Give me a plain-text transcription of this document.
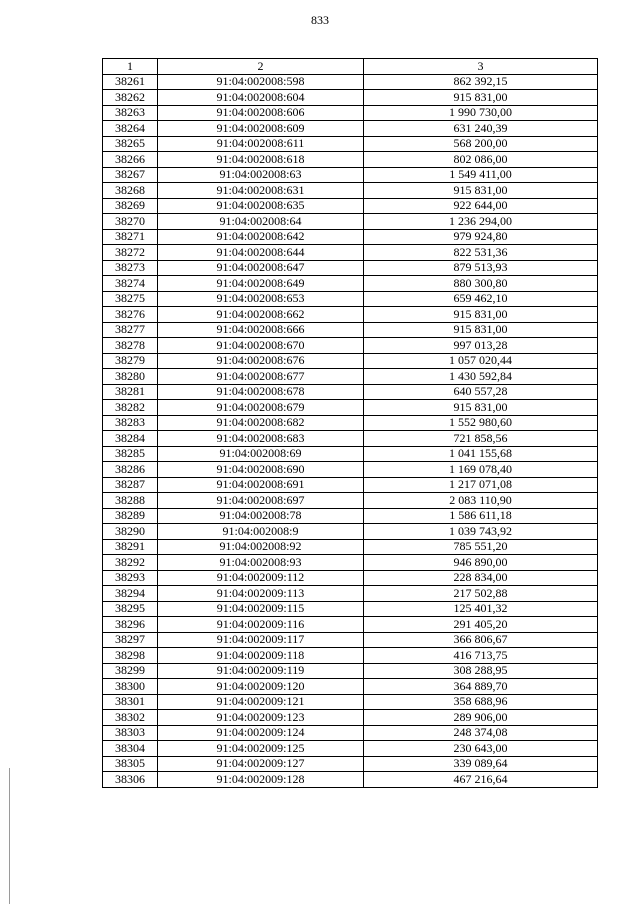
833
1	2	3
38261	91:04:002008:598	862 392,15
38262	91:04:002008:604	915 831,00
38263	91:04:002008:606	1 990 730,00
38264	91:04:002008:609	631 240,39
38265	91:04:002008:611	568 200,00
38266	91:04:002008:618	802 086,00
38267	91:04:002008:63	1 549 411,00
38268	91:04:002008:631	915 831,00
38269	91:04:002008:635	922 644,00
38270	91:04:002008:64	1 236 294,00
38271	91:04:002008:642	979 924,80
38272	91:04:002008:644	822 531,36
38273	91:04:002008:647	879 513,93
38274	91:04:002008:649	880 300,80
38275	91:04:002008:653	659 462,10
38276	91:04:002008:662	915 831,00
38277	91:04:002008:666	915 831,00
38278	91:04:002008:670	997 013,28
38279	91:04:002008:676	1 057 020,44
38280	91:04:002008:677	1 430 592,84
38281	91:04:002008:678	640 557,28
38282	91:04:002008:679	915 831,00
38283	91:04:002008:682	1 552 980,60
38284	91:04:002008:683	721 858,56
38285	91:04:002008:69	1 041 155,68
38286	91:04:002008:690	1 169 078,40
38287	91:04:002008:691	1 217 071,08
38288	91:04:002008:697	2 083 110,90
38289	91:04:002008:78	1 586 611,18
38290	91:04:002008:9	1 039 743,92
38291	91:04:002008:92	785 551,20
38292	91:04:002008:93	946 890,00
38293	91:04:002009:112	228 834,00
38294	91:04:002009:113	217 502,88
38295	91:04:002009:115	125 401,32
38296	91:04:002009:116	291 405,20
38297	91:04:002009:117	366 806,67
38298	91:04:002009:118	416 713,75
38299	91:04:002009:119	308 288,95
38300	91:04:002009:120	364 889,70
38301	91:04:002009:121	358 688,96
38302	91:04:002009:123	289 906,00
38303	91:04:002009:124	248 374,08
38304	91:04:002009:125	230 643,00
38305	91:04:002009:127	339 089,64
38306	91:04:002009:128	467 216,64
